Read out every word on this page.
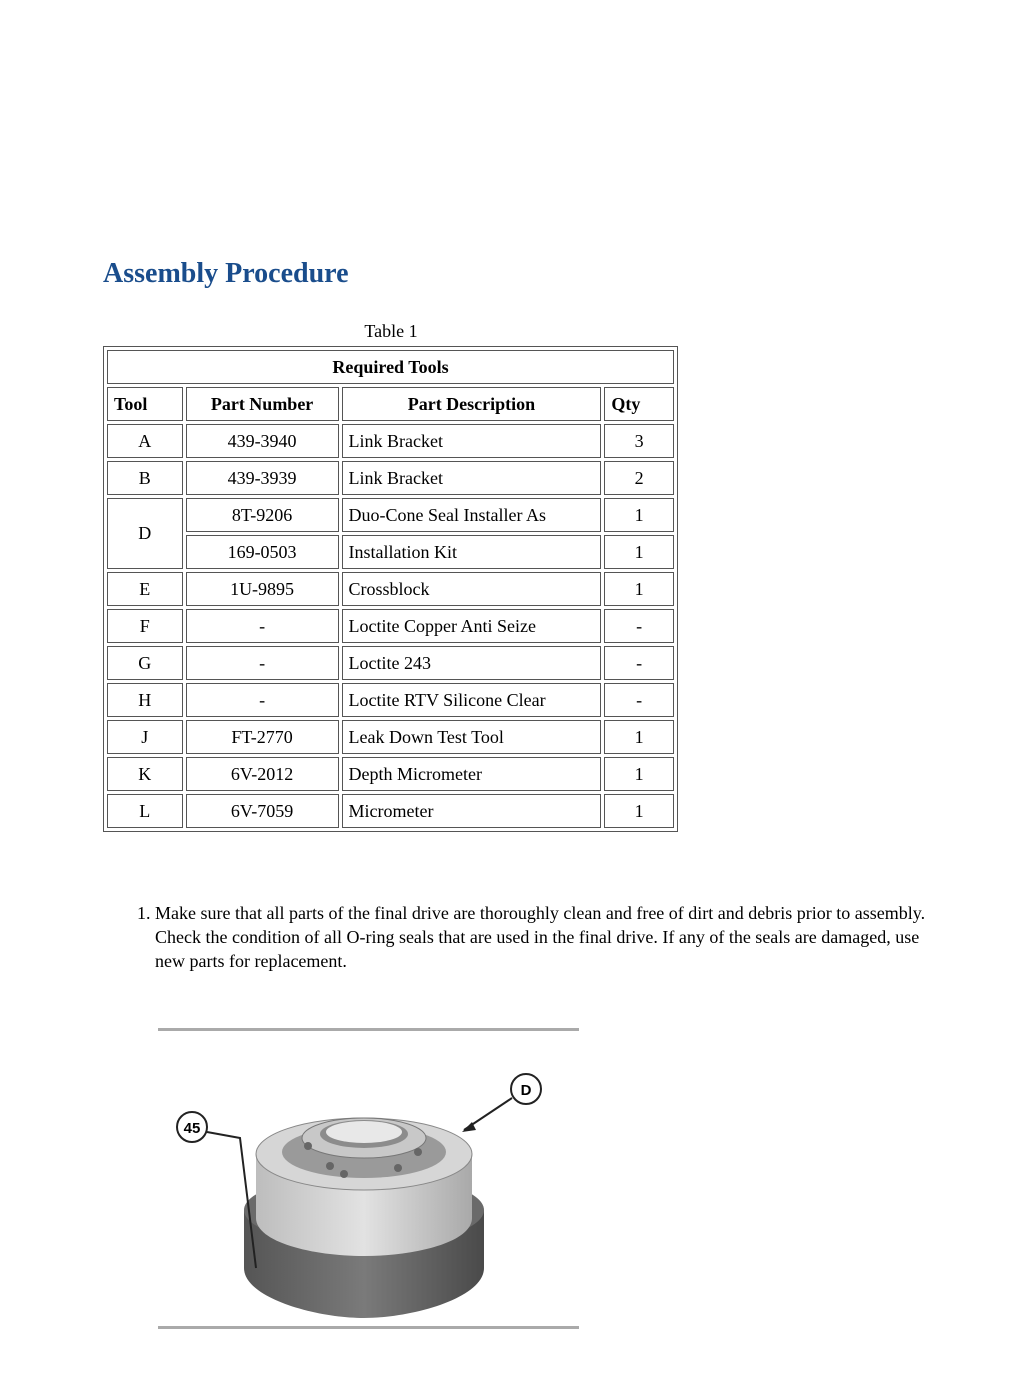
Assembly Procedure
Table 1
Required Tools			
Tool	Part Number	Part Description	Qty
A	439-3940	Link Bracket	3
B	439-3939	Link Bracket	2
D	8T-9206	Duo-Cone Seal Installer As	1
	169-0503	Installation Kit	1
E	1U-9895	Crossblock	1
F	-	Loctite Copper Anti Seize	-
G	-	Loctite 243	-
H	-	Loctite RTV Silicone Clear	-
J	FT-2770	Leak Down Test Tool	1
K	6V-2012	Depth Micrometer	1
L	6V-7059	Micrometer	1
1. Make sure that all parts of the final drive are thoroughly clean and free of dirt and debris prior to assembly. Check the condition of all O-ring seals that are used in the final drive. If any of the seals are damaged, use new parts for replacement.
45
D
